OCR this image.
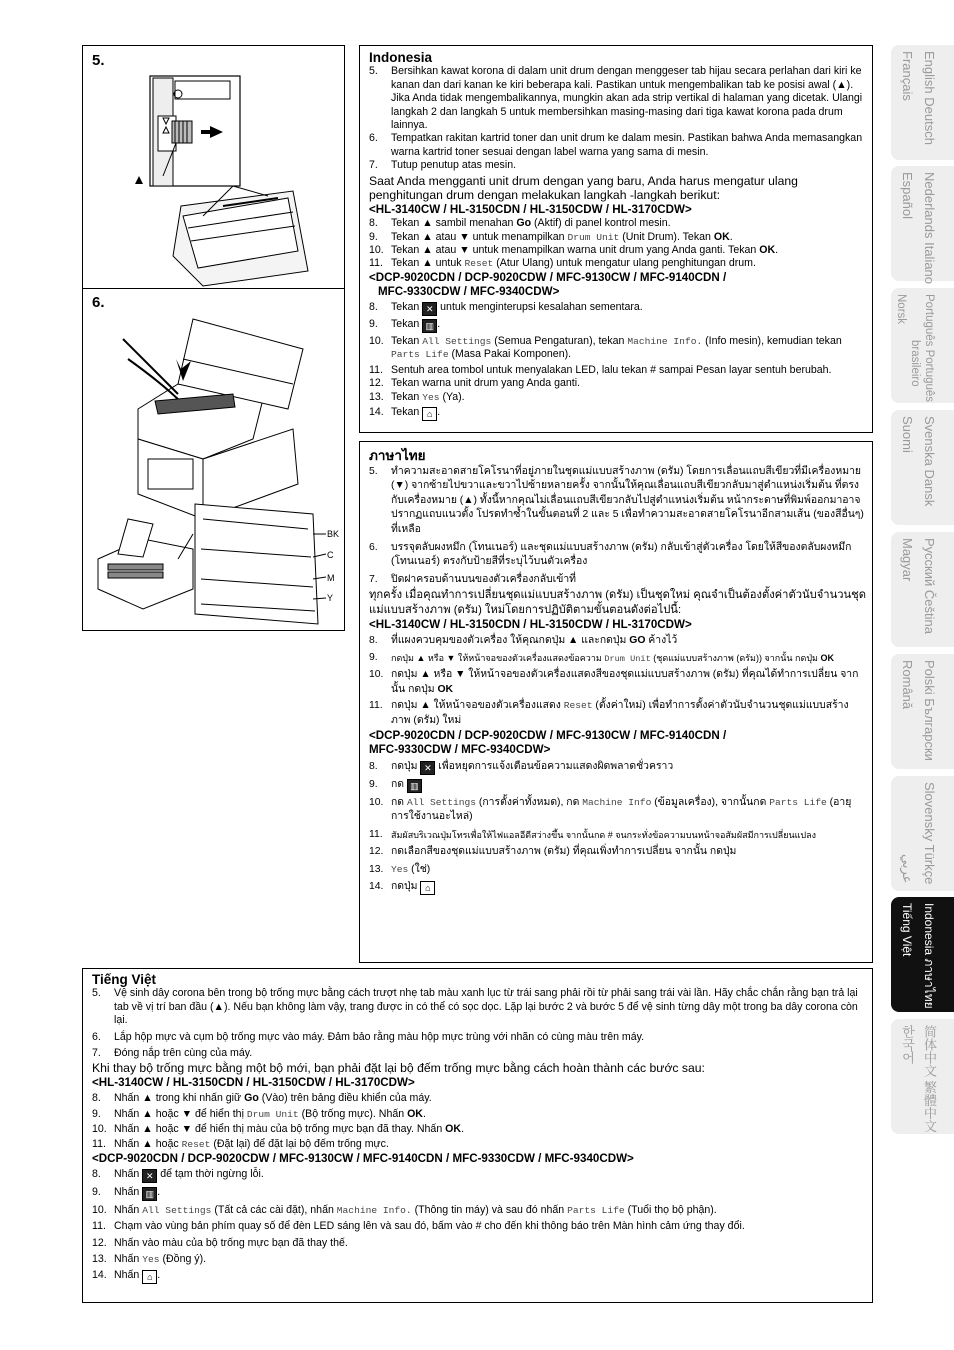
5.
6.
BK
C
M
Y
Indonesia
5. Bersihkan kawat korona di dalam unit drum dengan menggeser tab hijau secara perlahan dari kiri ke kanan dan dari kanan ke kiri beberapa kali. Pastikan untuk mengembalikan tab ke posisi awal (▲). Jika Anda tidak mengembalikannya, mungkin akan ada strip vertikal di halaman yang dicetak. Ulangi langkah 2 dan langkah 5 untuk membersihkan masing-masing dari tiga kawat korona pada drum lainnya.
6. Tempatkan rakitan kartrid toner dan unit drum ke dalam mesin. Pastikan bahwa Anda memasangkan warna kartrid toner sesuai dengan label warna yang sama di mesin.
7. Tutup penutup atas mesin.
Saat Anda mengganti unit drum dengan yang baru, Anda harus mengatur ulang penghitungan drum dengan melakukan langkah -langkah berikut:
<HL-3140CW / HL-3150CDN / HL-3150CDW / HL-3170CDW>
8. Tekan ▲ sambil menahan Go (Aktif) di panel kontrol mesin.
9. Tekan ▲ atau ▼ untuk menampilkan Drum Unit (Unit Drum). Tekan OK.
10. Tekan ▲ atau ▼ untuk menampilkan warna unit drum yang Anda ganti. Tekan OK.
11. Tekan ▲ untuk Reset (Atur Ulang) untuk mengatur ulang penghitungan drum.
<DCP-9020CDN / DCP-9020CDW / MFC-9130CW / MFC-9140CDN /
MFC-9330CDW / MFC-9340CDW>
8. Tekan ✕ untuk menginterupsi kesalahan sementara.
9. Tekan ▥ .
10. Tekan All Settings (Semua Pengaturan), tekan Machine Info. (Info mesin), kemudian tekan Parts Life (Masa Pakai Komponen).
11. Sentuh area tombol untuk menyalakan LED, lalu tekan # sampai Pesan layar sentuh berubah.
12. Tekan warna unit drum yang Anda ganti.
13. Tekan Yes (Ya).
14. Tekan ⌂ .
ภาษาไทย
5. ทำความสะอาดสายโคโรนาที่อยู่ภายในชุดแม่แบบสร้างภาพ (ดรัม) โดยการเลื่อนแถบสีเขียวที่มีเครื่องหมาย (▼) จากซ้ายไปขวาและขวาไปซ้ายหลายครั้ง จากนั้นให้คุณเลื่อนแถบสีเขียวกลับมาสู่ตำแหน่งเริ่มต้น ที่ตรงกับเครื่องหมาย (▲) ทั้งนี้หากคุณไม่เลื่อนแถบสีเขียวกลับไปสู่ตำแหน่งเริ่มต้น หน้ากระดาษที่พิมพ์ออกมาอาจปรากฏแถบแนวตั้ง โปรดทำซ้ำในขั้นตอนที่ 2 และ 5 เพื่อทำความสะอาดสายโคโรนาอีกสามเส้น (ของสีอื่นๆ) ที่เหลือ
6. บรรจุตลับผงหมึก (โทนเนอร์) และชุดแม่แบบสร้างภาพ (ดรัม) กลับเข้าสู่ตัวเครื่อง โดยให้สีของตลับผงหมึก (โทนเนอร์) ตรงกับป้ายสีที่ระบุไว้บนตัวเครื่อง
7. ปิดฝาครอบด้านบนของตัวเครื่องกลับเข้าที่
ทุกครั้ง เมื่อคุณทำการเปลี่ยนชุดแม่แบบสร้างภาพ (ดรัม) เป็นชุดใหม่ คุณจำเป็นต้องตั้งค่าตัวนับจำนวนชุดแม่แบบสร้างภาพ (ดรัม) ใหม่โดยการปฏิบัติตามขั้นตอนดังต่อไปนี้:
<HL-3140CW / HL-3150CDN / HL-3150CDW / HL-3170CDW>
8. ที่แผงควบคุมของตัวเครื่อง ให้คุณกดปุ่ม ▲ และกดปุ่ม GO ค้างไว้
9. กดปุ่ม ▲ หรือ ▼ ให้หน้าจอของตัวเครื่องแสดงข้อความ Drum Unit (ชุดแม่แบบสร้างภาพ (ดรัม)) จากนั้น กดปุ่ม OK
10. กดปุ่ม ▲ หรือ ▼ ให้หน้าจอของตัวเครื่องแสดงสีของชุดแม่แบบสร้างภาพ (ดรัม) ที่คุณได้ทำการเปลี่ยน จากนั้น กดปุ่ม OK
11. กดปุ่ม ▲ ให้หน้าจอของตัวเครื่องแสดง Reset (ตั้งค่าใหม่) เพื่อทำการตั้งค่าตัวนับจำนวนชุดแม่แบบสร้างภาพ (ดรัม) ใหม่
<DCP-9020CDN / DCP-9020CDW / MFC-9130CW / MFC-9140CDN /
MFC-9330CDW / MFC-9340CDW>
8. กดปุ่ม ✕ เพื่อหยุดการแจ้งเตือนข้อความแสดงผิดพลาดชั่วคราว
9. กด ▥
10. กด All Settings (การตั้งค่าทั้งหมด), กด Machine Info (ข้อมูลเครื่อง), จากนั้นกด Parts Life (อายุการใช้งานอะไหล่)
11. สัมผัสบริเวณปุ่มโทรเพื่อให้ไฟแอลอีดีสว่างขึ้น จากนั้นกด # จนกระทั่งข้อความบนหน้าจอสัมผัสมีการเปลี่ยนแปลง
12. กดเลือกสีของชุดแม่แบบสร้างภาพ (ดรัม) ที่คุณเพิ่งทำการเปลี่ยน จากนั้น กดปุ่ม
13. Yes (ใช่)
14. กดปุ่ม ⌂
Tiếng Việt
5. Vệ sinh dây corona bên trong bộ trống mực bằng cách trượt nhẹ tab màu xanh lục từ trái sang phải rồi từ phải sang trái vài lần. Hãy chắc chắn rằng bạn trả lại tab về vị trí ban đầu (▲). Nếu bạn không làm vậy, trang được in có thể có sọc dọc. Lặp lại bước 2 và bước 5 để vệ sinh từng dây một trong ba dây corona còn lại.
6. Lắp hộp mực và cụm bộ trống mực vào máy. Đảm bảo rằng màu hộp mực trùng với nhãn có cùng màu trên máy.
7. Đóng nắp trên cùng của máy.
Khi thay bộ trống mực bằng một bộ mới, bạn phải đặt lại bộ đếm trống mực bằng cách hoàn thành các bước sau:
<HL-3140CW / HL-3150CDN / HL-3150CDW / HL-3170CDW>
8. Nhấn ▲ trong khi nhấn giữ Go (Vào) trên bảng điều khiển của máy.
9. Nhấn ▲ hoặc ▼ để hiển thị Drum Unit (Bộ trống mực). Nhấn OK.
10. Nhấn ▲ hoặc ▼ để hiển thị màu của bộ trống mực bạn đã thay. Nhấn OK.
11. Nhấn ▲ hoặc Reset (Đặt lại) để đặt lại bộ đếm trống mực.
<DCP-9020CDN / DCP-9020CDW / MFC-9130CW / MFC-9140CDN / MFC-9330CDW / MFC-9340CDW>
8. Nhấn ✕ để tạm thời ngừng lỗi.
9. Nhấn ▥ .
10. Nhấn All Settings (Tất cả các cài đặt), nhấn Machine Info. (Thông tin máy) và sau đó nhấn Parts Life (Tuổi thọ bộ phận).
11. Chạm vào vùng bản phím quay số để đèn LED sáng lên và sau đó, bấm vào # cho đến khi thông báo trên Màn hình cảm ứng thay đổi.
12. Nhấn vào màu của bộ trống mực bạn đã thay thế.
13. Nhấn Yes (Đồng ý).
14. Nhấn ⌂ .
English Deutsch
Français
Nederlands Italiano
Español
Português Português
brasileiro
Norsk
Svenska Dansk
Suomi
Русский Čeština
Magyar
Polski Български
Română
Slovensky Türkçe
عربي
Indonesia ภาษาไทย
Tiếng Việt
简体中文 繁體中文
한국어
